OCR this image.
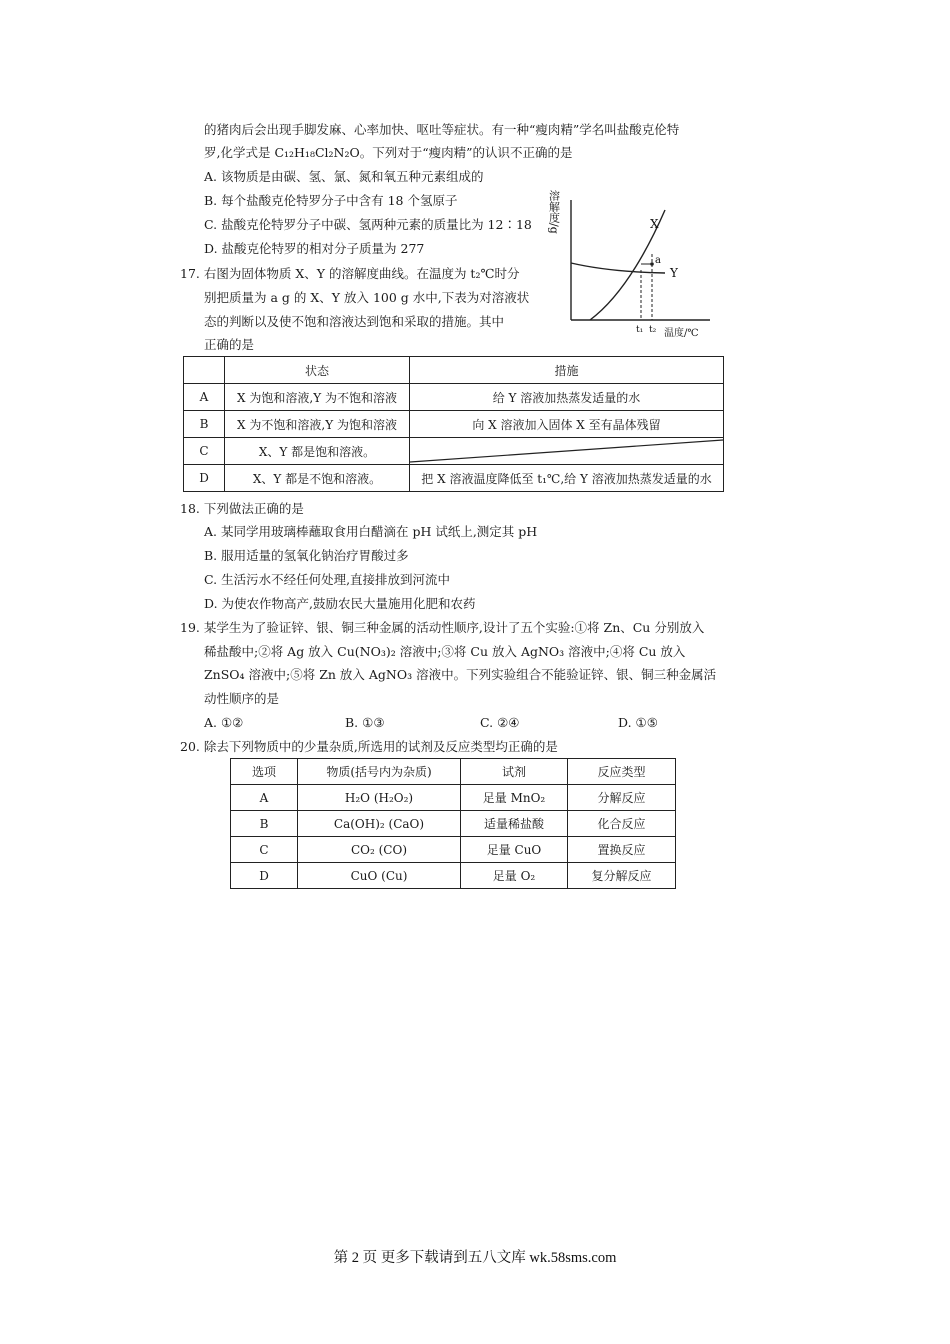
的猪肉后会出现手脚发麻、心率加快、呕吐等症状。有一种“瘦肉精”学名叫盐酸克伦特
罗,化学式是 C₁₂H₁₈Cl₂N₂O。下列对于“瘦肉精”的认识不正确的是
A. 该物质是由碳、氢、氯、氮和氧五种元素组成的
B. 每个盐酸克伦特罗分子中含有 18 个氢原子
C. 盐酸克伦特罗分子中碳、氢两种元素的质量比为 12∶18
D. 盐酸克伦特罗的相对分子质量为 277
17. 右图为固体物质 X、Y 的溶解度曲线。在温度为 t₂℃时分
别把质量为 a g 的 X、Y 放入 100 g 水中,下表为对溶液状
态的判断以及使不饱和溶液达到饱和采取的措施。其中
正确的是
溶解度/g
a
X
Y
t₁ t₂ 温度/℃
	状态	措施
A	X 为饱和溶液,Y 为不饱和溶液	给 Y 溶液加热蒸发适量的水
B	X 为不饱和溶液,Y 为饱和溶液	向 X 溶液加入固体 X 至有晶体残留
C	X、Y 都是饱和溶液。	

D	X、Y 都是不饱和溶液。	把 X 溶液温度降低至 t₁℃,给 Y 溶液加热蒸发适量的水
18. 下列做法正确的是
A. 某同学用玻璃棒蘸取食用白醋滴在 pH 试纸上,测定其 pH
B. 服用适量的氢氧化钠治疗胃酸过多
C. 生活污水不经任何处理,直接排放到河流中
D. 为使农作物高产,鼓励农民大量施用化肥和农药
19. 某学生为了验证锌、银、铜三种金属的活动性顺序,设计了五个实验:①将 Zn、Cu 分别放入
稀盐酸中;②将 Ag 放入 Cu(NO₃)₂ 溶液中;③将 Cu 放入 AgNO₃ 溶液中;④将 Cu 放入
ZnSO₄ 溶液中;⑤将 Zn 放入 AgNO₃ 溶液中。下列实验组合不能验证锌、银、铜三种金属活
动性顺序的是
A. ①②	B. ①③	C. ②④	D. ①⑤
20. 除去下列物质中的少量杂质,所选用的试剂及反应类型均正确的是
选项	物质(括号内为杂质)	试剂	反应类型
A	H₂O (H₂O₂)	足量 MnO₂	分解反应
B	Ca(OH)₂ (CaO)	适量稀盐酸	化合反应
C	CO₂ (CO)	足量 CuO	置换反应
D	CuO (Cu)	足量 O₂	复分解反应
第 2 页 更多下载请到五八文库 wk.58sms.com
